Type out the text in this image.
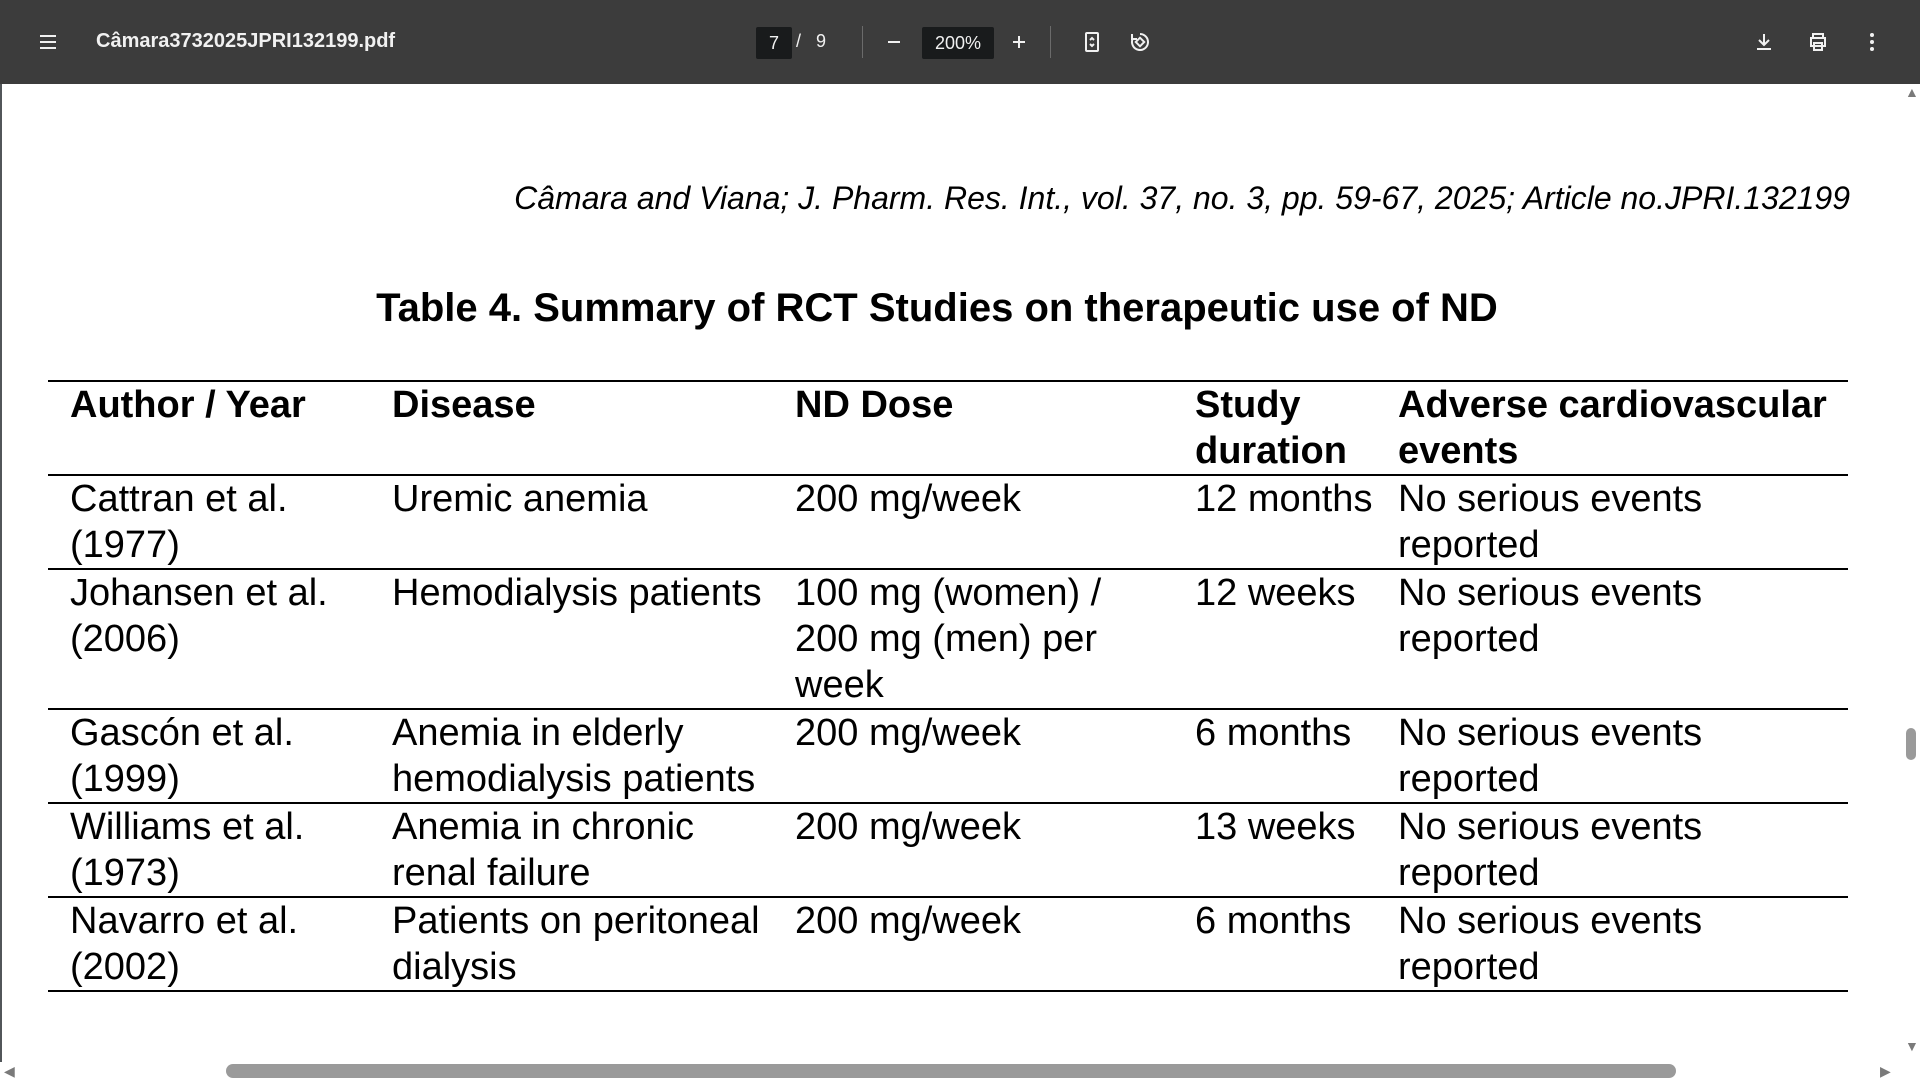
Câmara3732025JPRI132199.pdf
7	/ 9
200%
Câmara and Viana; J. Pharm. Res. Int., vol. 37, no. 3, pp. 59-67, 2025; Article no.JPRI.132199
Table 4. Summary of RCT Studies on therapeutic use of ND
Author / Year	Disease	ND Dose	Study duration	Adverse cardiovascular events
Cattran et al. (1977)	Uremic anemia	200 mg/week	12 months	No serious events reported
Johansen et al. (2006)	Hemodialysis patients	100 mg (women) / 200 mg (men) per week	12 weeks	No serious events reported
Gascón et al. (1999)	Anemia in elderly hemodialysis patients	200 mg/week	6 months	No serious events reported
Williams et al. (1973)	Anemia in chronic renal failure	200 mg/week	13 weeks	No serious events reported
Navarro et al. (2002)	Patients on peritoneal dialysis	200 mg/week	6 months	No serious events reported
▲
▼
◀	▶
